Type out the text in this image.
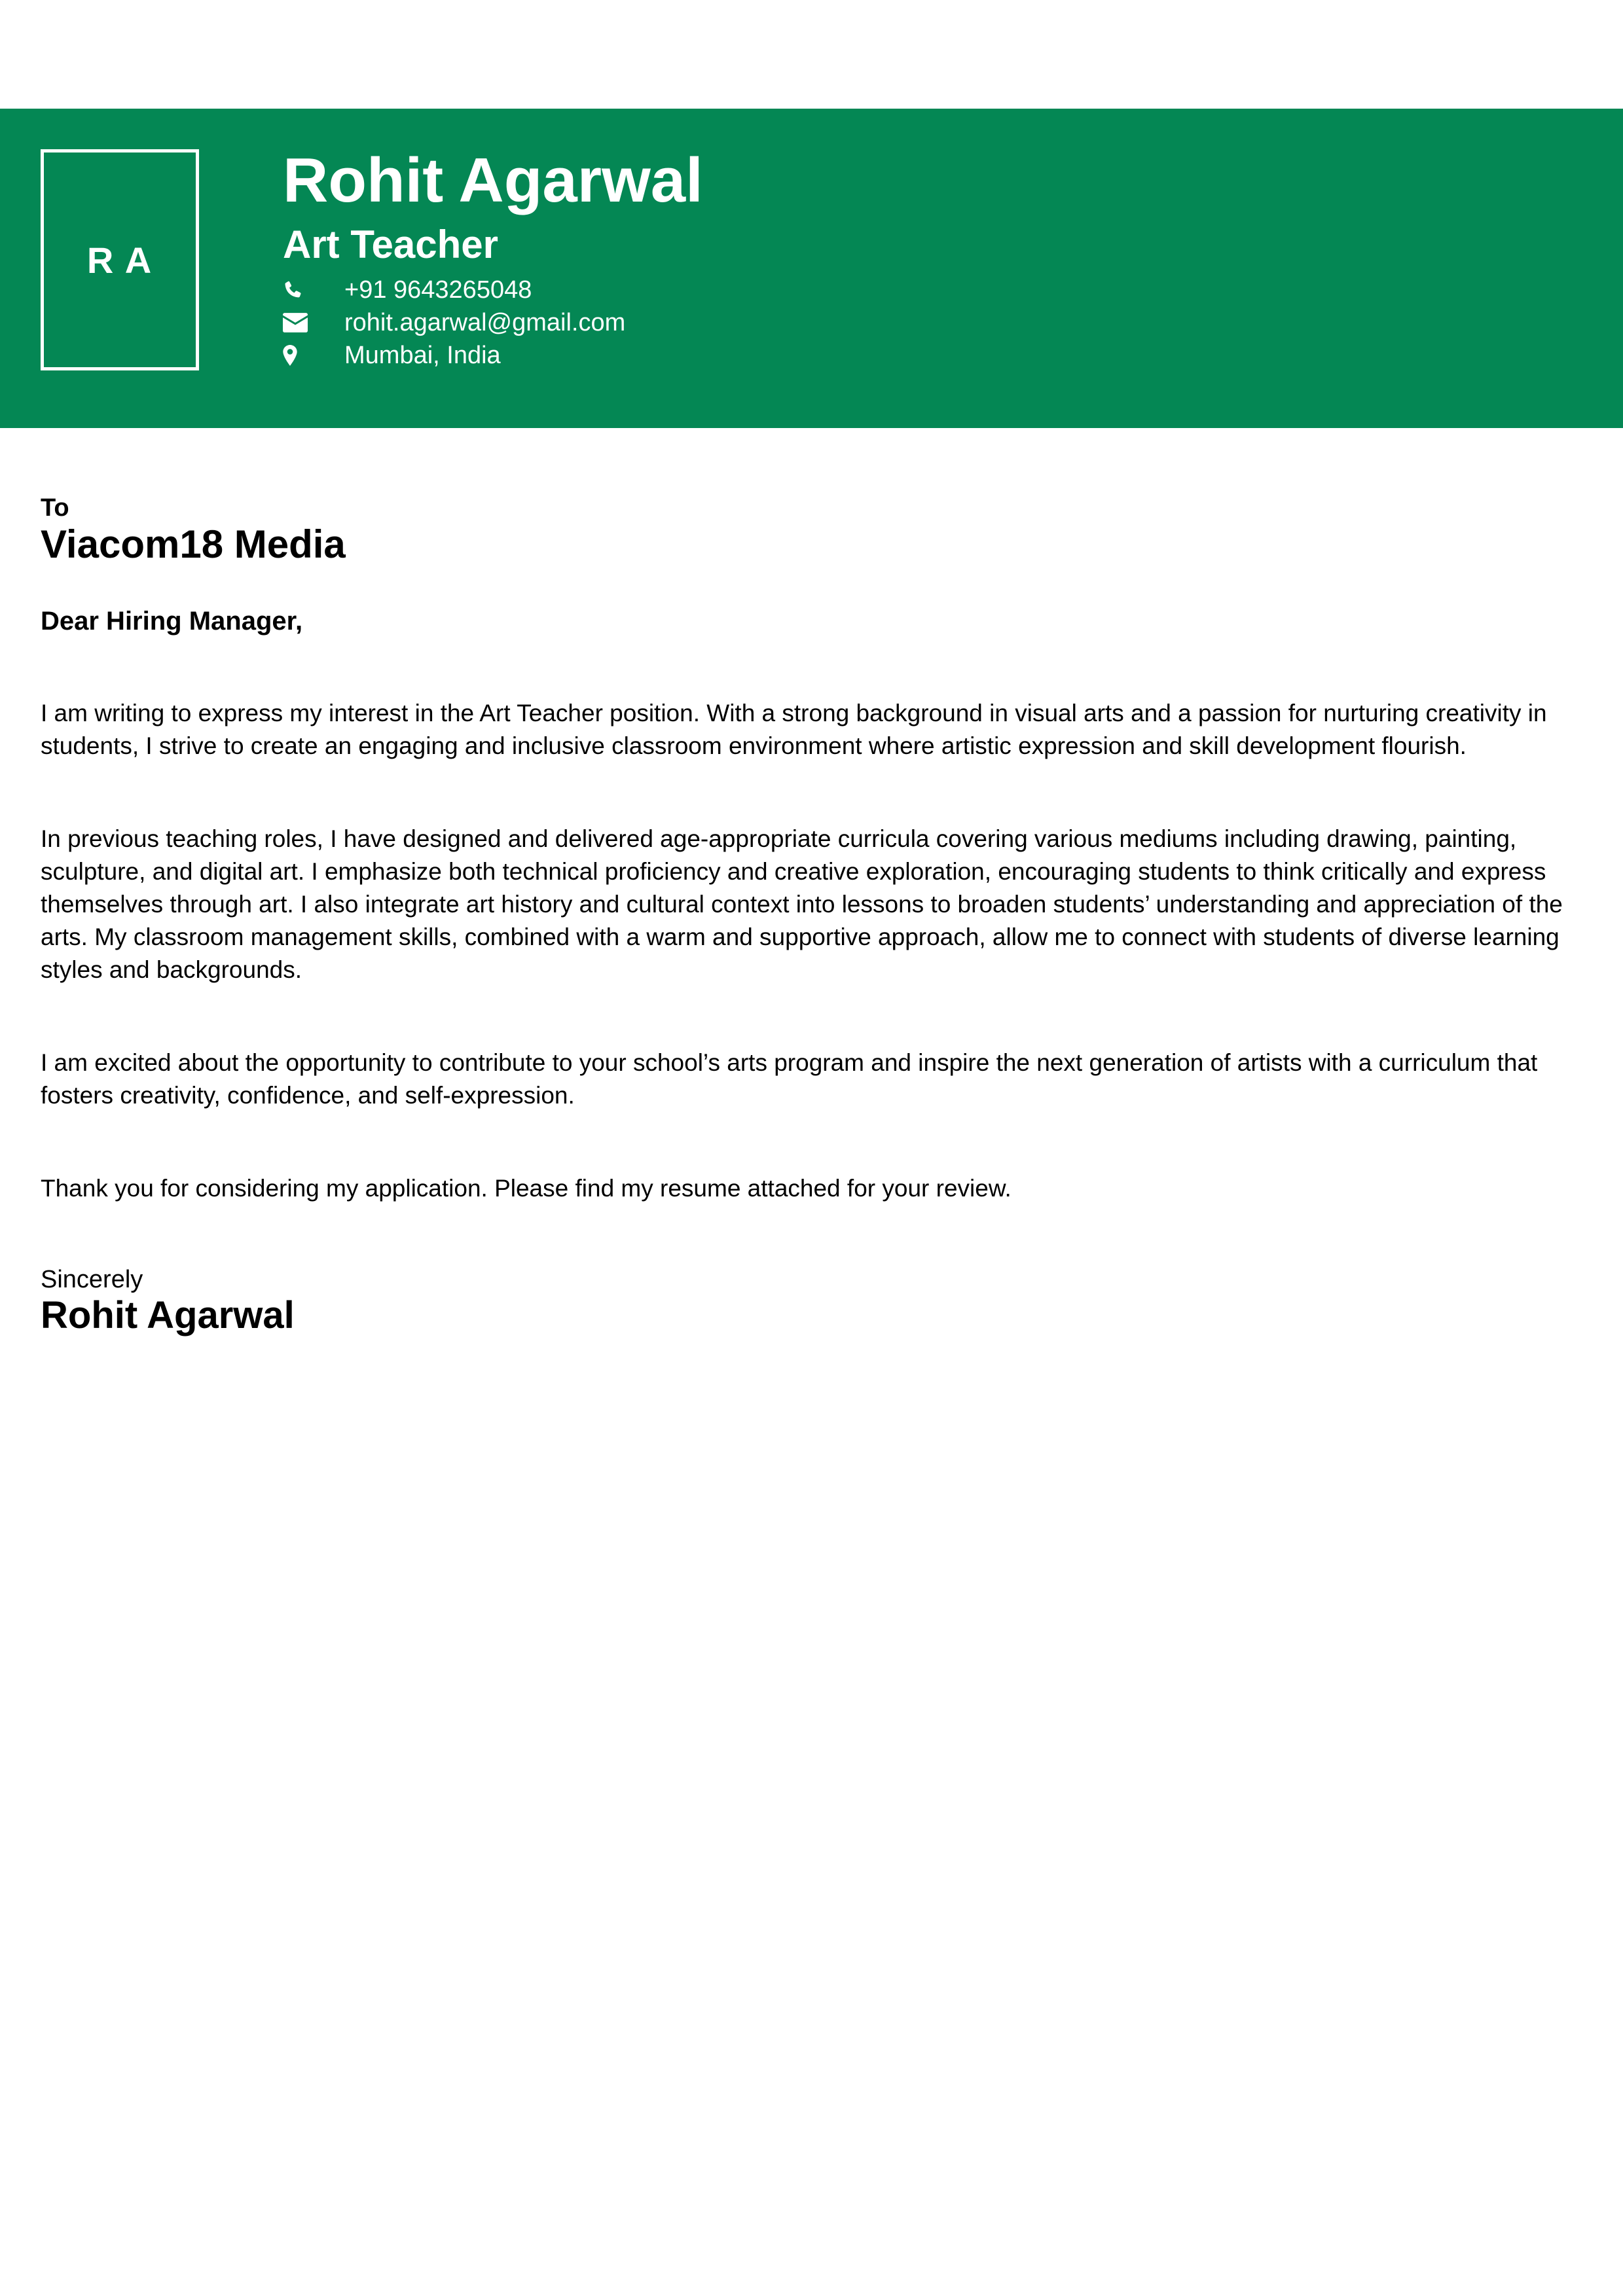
R A
Rohit Agarwal
Art Teacher
+91 9643265048
rohit.agarwal@gmail.com
Mumbai, India
To
Viacom18 Media
Dear Hiring Manager,

I am writing to express my interest in the Art Teacher position. With a strong background in visual arts and a passion for nurturing creativity in students, I strive to create an engaging and inclusive classroom environment where artistic expression and skill development flourish.

In previous teaching roles, I have designed and delivered age-appropriate curricula covering various mediums including drawing, painting, sculpture, and digital art. I emphasize both technical proficiency and creative exploration, encouraging students to think critically and express themselves through art. I also integrate art history and cultural context into lessons to broaden students’ understanding and appreciation of the arts. My classroom management skills, combined with a warm and supportive approach, allow me to connect with students of diverse learning styles and backgrounds.

I am excited about the opportunity to contribute to your school’s arts program and inspire the next generation of artists with a curriculum that fosters creativity, confidence, and self-expression.

Thank you for considering my application. Please find my resume attached for your review.

Sincerely
Rohit Agarwal
